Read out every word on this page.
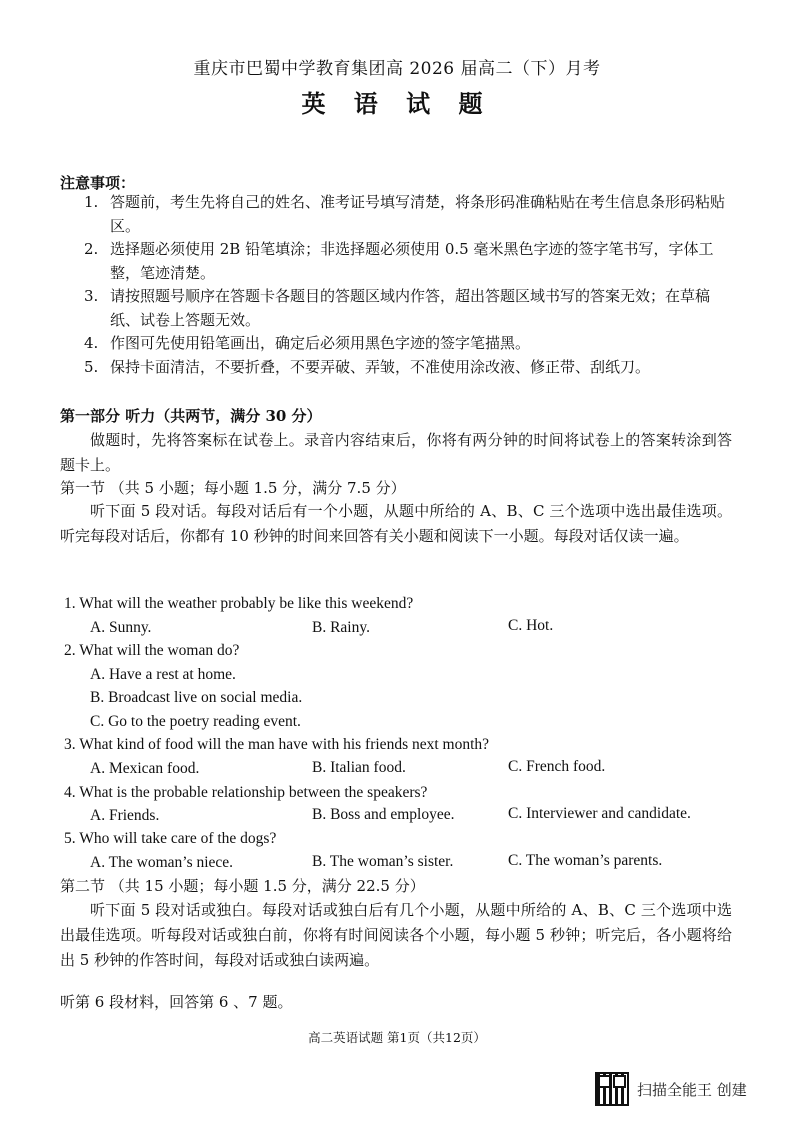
重庆市巴蜀中学教育集团高 2026 届高二（下）月考
英 语 试 题
注意事项：
1. 答题前，考生先将自己的姓名、准考证号填写清楚，将条形码准确粘贴在考生信息条形码粘贴区。
2. 选择题必须使用 2B 铅笔填涂；非选择题必须使用 0.5 毫米黑色字迹的签字笔书写，字体工整，笔迹清楚。
3. 请按照题号顺序在答题卡各题目的答题区域内作答，超出答题区域书写的答案无效；在草稿纸、试卷上答题无效。
4. 作图可先使用铅笔画出，确定后必须用黑色字迹的签字笔描黑。
5. 保持卡面清洁，不要折叠，不要弄破、弄皱，不准使用涂改液、修正带、刮纸刀。
第一部分 听力（共两节，满分 30 分）

做题时，先将答案标在试卷上。录音内容结束后，你将有两分钟的时间将试卷上的答案转涂到答题卡上。

第一节 （共 5 小题；每小题 1.5 分，满分 7.5 分）

听下面 5 段对话。每段对话后有一个小题，从题中所给的 A、B、C 三个选项中选出最佳选项。听完每段对话后，你都有 10 秒钟的时间来回答有关小题和阅读下一小题。每段对话仅读一遍。

1. What will the weather probably be like this weekend?
A. Sunny.	B. Rainy.	C. Hot.
2. What will the woman do?
A. Have a rest at home.
B. Broadcast live on social media.
C. Go to the poetry reading event.
3. What kind of food will the man have with his friends next month?
A. Mexican food.	B. Italian food.	C. French food.
4. What is the probable relationship between the speakers?
A. Friends.	B. Boss and employee.	C. Interviewer and candidate.
5. Who will take care of the dogs?
A. The woman’s niece.	B. The woman’s sister.	C. The woman’s parents.
第二节 （共 15 小题；每小题 1.5 分，满分 22.5 分）

听下面 5 段对话或独白。每段对话或独白后有几个小题，从题中所给的 A、B、C 三个选项中选出最佳选项。听每段对话或独白前，你将有时间阅读各个小题，每小题 5 秒钟；听完后，各小题将给出 5 秒钟的作答时间，每段对话或独白读两遍。

听第 6 段材料，回答第 6 、7 题。
高二英语试题 第1页（共12页）
扫描全能王 创建
